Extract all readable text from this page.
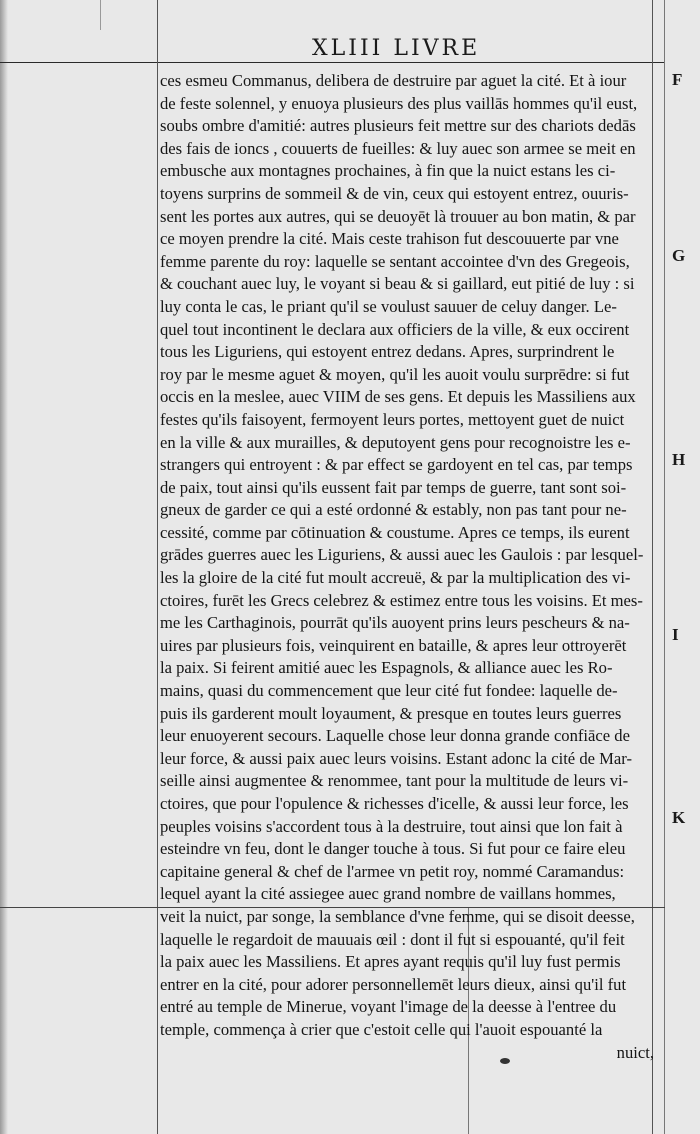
XLIII LIVRE
ces esmeu Commanus, delibera de destruire par aguet la cité. Et à iour
de feste solennel, y enuoya plusieurs des plus vaillās hommes qu'il eust,
soubs ombre d'amitié: autres plusieurs feit mettre sur des chariots dedās
des fais de ioncs , couuerts de fueilles: & luy auec son armee se meit en
embusche aux montagnes prochaines, à fin que la nuict estans les ci-
toyens surprins de sommeil & de vin, ceux qui estoyent entrez, ouuris-
sent les portes aux autres, qui se deuoyēt là trouuer au bon matin, & par
ce moyen prendre la cité. Mais ceste trahison fut descouuerte par vne
femme parente du roy: laquelle se sentant accointee d'vn des Gregeois,
& couchant auec luy, le voyant si beau & si gaillard, eut pitié de luy : si
luy conta le cas, le priant qu'il se voulust sauuer de celuy danger. Le-
quel tout incontinent le declara aux officiers de la ville, & eux occirent
tous les Liguriens, qui estoyent entrez dedans. Apres, surprindrent le
roy par le mesme aguet & moyen, qu'il les auoit voulu surprēdre: si fut
occis en la meslee, auec VIIM de ses gens. Et depuis les Massiliens aux
festes qu'ils faisoyent, fermoyent leurs portes, mettoyent guet de nuict
en la ville & aux murailles, & deputoyent gens pour recognoistre les e-
strangers qui entroyent : & par effect se gardoyent en tel cas, par temps
de paix, tout ainsi qu'ils eussent fait par temps de guerre, tant sont soi-
gneux de garder ce qui a esté ordonné & estably, non pas tant pour ne-
cessité, comme par cōtinuation & coustume. Apres ce temps, ils eurent
grādes guerres auec les Liguriens, & aussi auec les Gaulois : par lesquel-
les la gloire de la cité fut moult accreuë, & par la multiplication des vi-
ctoires, furēt les Grecs celebrez & estimez entre tous les voisins. Et mes-
me les Carthaginois, pourrāt qu'ils auoyent prins leurs pescheurs & na-
uires par plusieurs fois, veinquirent en bataille, & apres leur ottroyerēt
la paix. Si feirent amitié auec les Espagnols, & alliance auec les Ro-
mains, quasi du commencement que leur cité fut fondee: laquelle de-
puis ils garderent moult loyaument, & presque en toutes leurs guerres
leur enuoyerent secours. Laquelle chose leur donna grande confiāce de
leur force, & aussi paix auec leurs voisins. Estant adonc la cité de Mar-
seille ainsi augmentee & renommee, tant pour la multitude de leurs vi-
ctoires, que pour l'opulence & richesses d'icelle, & aussi leur force, les
peuples voisins s'accordent tous à la destruire, tout ainsi que lon fait à
esteindre vn feu, dont le danger touche à tous. Si fut pour ce faire eleu
capitaine general & chef de l'armee vn petit roy, nommé Caramandus:
lequel ayant la cité assiegee auec grand nombre de vaillans hommes,
veit la nuict, par songe, la semblance d'vne femme, qui se disoit deesse,
laquelle le regardoit de mauuais œil : dont il fut si espouanté, qu'il feit
la paix auec les Massiliens. Et apres ayant requis qu'il luy fust permis
entrer en la cité, pour adorer personnellemēt leurs dieux, ainsi qu'il fut
entré au temple de Minerue, voyant l'image de la deesse à l'entree du
temple, commença à crier que c'estoit celle qui l'auoit espouanté la
nuict,
F
G
H
I
K
